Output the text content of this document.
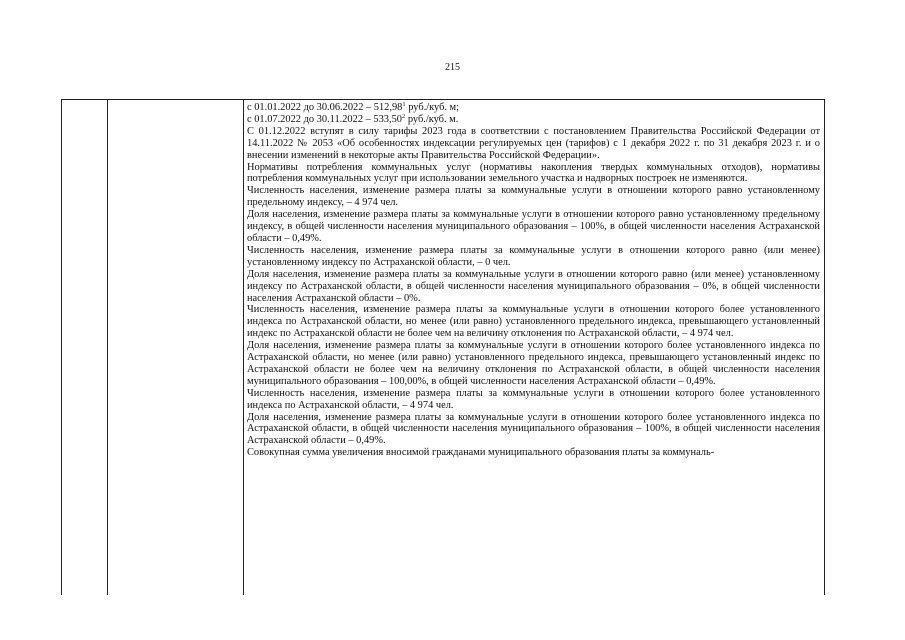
215

с 01.01.2022 до 30.06.2022 – 512,98$^1$ руб./куб. м;

с 01.07.2022 до 30.11.2022 – 533,50$^2$ руб./куб. м.

С 01.12.2022 вступят в силу тарифы 2023 года в соответствии с постановлением Правительства Российской Федерации от 14.11.2022 № 2053 «Об особенностях индексации регулируемых цен (тарифов) с 1 декабря 2022 г. по 31 декабря 2023 г. и о внесении изменений в некоторые акты Правительства Российской Федерации».

Нормативы потребления коммунальных услуг (нормативы накопления твердых коммунальных отходов), нормативы потребления коммунальных услуг при использовании земельного участка и надворных построек не изменяются.

Численность населения, изменение размера платы за коммунальные услуги в отношении которого равно установленному предельному индексу, – 4 974 чел.

Доля населения, изменение размера платы за коммунальные услуги в отношении которого равно установленному предельному индексу, в общей численности населения муниципального образования – 100%, в общей численности населения Астраханской области – 0,49%.

Численность населения, изменение размера платы за коммунальные услуги в отношении которого равно (или менее) установленному индексу по Астраханской области, – 0 чел.

Доля населения, изменение размера платы за коммунальные услуги в отношении которого равно (или менее) установленному индексу по Астраханской области, в общей численности населения муниципального образования – 0%, в общей численности населения Астраханской области – 0%.

Численность населения, изменение размера платы за коммунальные услуги в отношении которого более установленного индекса по Астраханской области, но менее (или равно) установленного предельного индекса, превышающего установленный индекс по Астраханской области не более чем на величину отклонения по Астраханской области, – 4 974 чел.

Доля населения, изменение размера платы за коммунальные услуги в отношении которого более установленного индекса по Астраханской области, но менее (или равно) установленного предельного индекса, превышающего установленный индекс по Астраханской области не более чем на величину отклонения по Астраханской области, в общей численности населения муниципального образования – 100,00%, в общей численности населения Астраханской области – 0,49%.

Численность населения, изменение размера платы за коммунальные услуги в отношении которого более установленного индекса по Астраханской области, – 4 974 чел.

Доля населения, изменение размера платы за коммунальные услуги в отношении которого более установленного индекса по Астраханской области, в общей численности населения муниципального образования – 100%, в общей численности населения Астраханской области – 0,49%.

Совокупная сумма увеличения вносимой гражданами муниципального образования платы за коммуналь-
